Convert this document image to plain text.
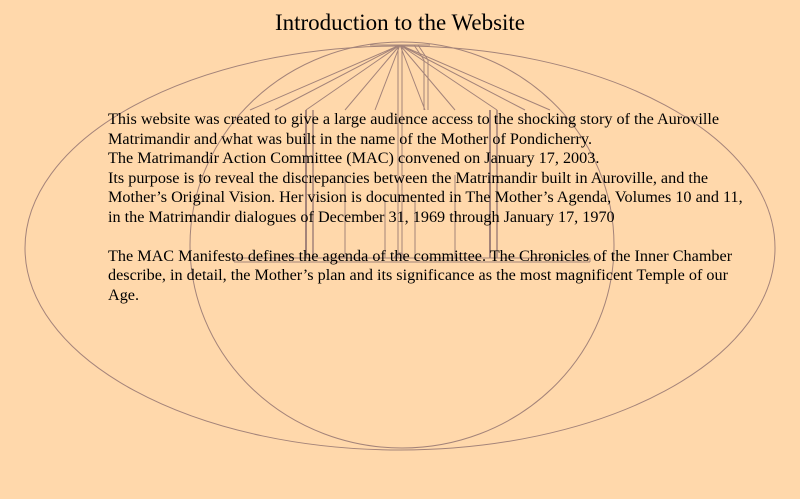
Introduction to the Website

This website was created to give a large audience access to the shocking story of the Auroville Matrimandir and what was built in the name of the Mother of Pondicherry.

The Matrimandir Action Committee (MAC) convened on January 17, 2003.

Its purpose is to reveal the discrepancies between the Matrimandir built in Auroville, and the Mother’s Original Vision. Her vision is documented in The Mother’s Agenda, Volumes 10 and 11, in the Matrimandir dialogues of December 31, 1969 through January 17, 1970

The MAC Manifesto defines the agenda of the committee. The Chronicles of the Inner Chamber describe, in detail, the Mother’s plan and its significance as the most magnificent Temple of our Age.
